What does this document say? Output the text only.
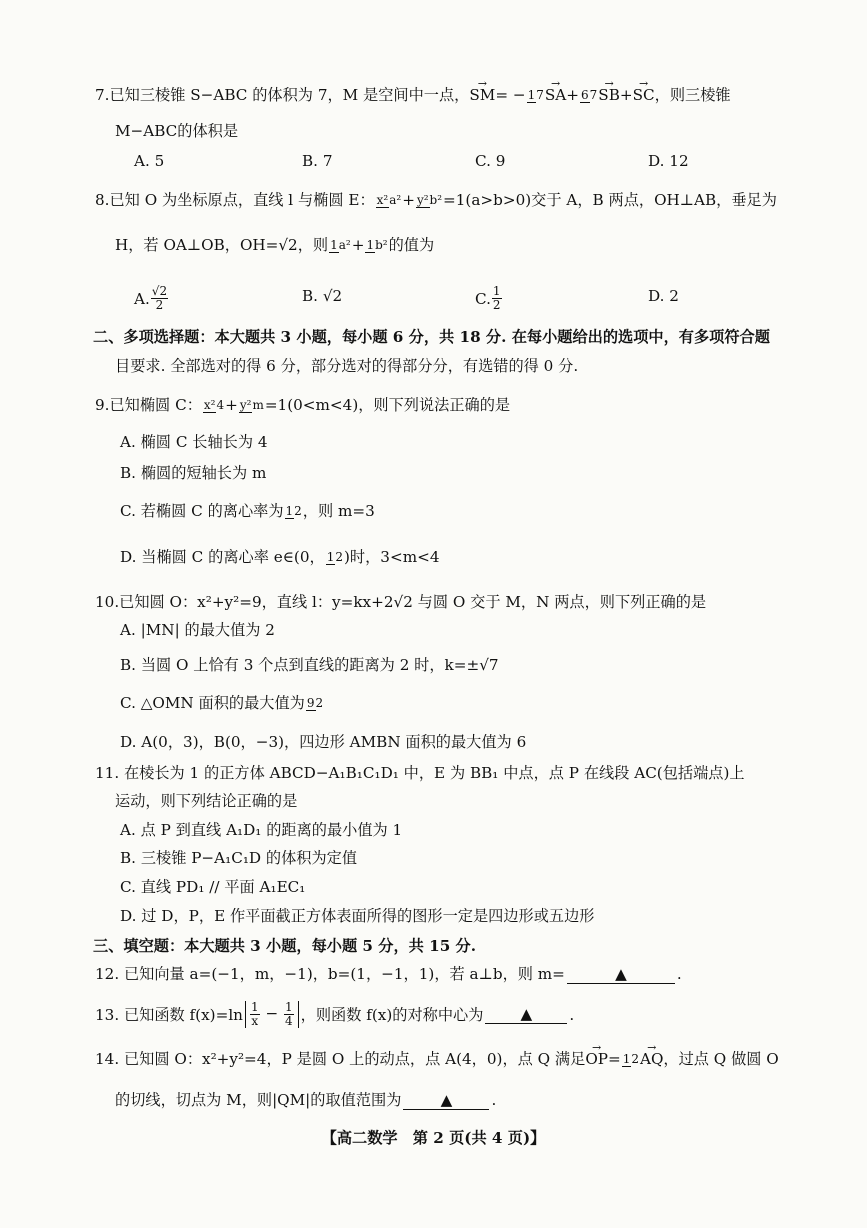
7.已知三棱锥 S−ABC 的体积为 7，M 是空间中一点， → SM = − 17 → SA + 67 → SB + → SC ，则三棱锥
M−ABC的体积是
A. 5	B. 7	C. 9	D. 12
8.已知 O 为坐标原点，直线 l 与椭圆 E： x²a² + y²b² =1(a>b>0)交于 A，B 两点，OH⊥AB，垂足为
H，若 OA⊥OB，OH=√2，则 1a² + 1b² 的值为
A. √2
2	B. √2	C. 1
2	D. 2
二、多项选择题：本大题共 3 小题，每小题 6 分，共 18 分. 在每小题给出的选项中，有多项符合题
目要求. 全部选对的得 6 分，部分选对的得部分分，有选错的得 0 分.
9.已知椭圆 C： x²4 + y²m =1(0<m<4)，则下列说法正确的是
A. 椭圆 C 长轴长为 4
B. 椭圆的短轴长为 m
C. 若椭圆 C 的离心率为 12 ，则 m=3
D. 当椭圆 C 的离心率 e∈(0， 12 )时，3<m<4
10.已知圆 O：x²+y²=9，直线 l：y=kx+2√2 与圆 O 交于 M，N 两点，则下列正确的是
A. |MN| 的最大值为 2
B. 当圆 O 上恰有 3 个点到直线的距离为 2 时，k=±√7
C. △OMN 面积的最大值为 92
D. A(0，3)，B(0，−3)，四边形 AMBN 面积的最大值为 6
11. 在棱长为 1 的正方体 ABCD−A₁B₁C₁D₁ 中，E 为 BB₁ 中点，点 P 在线段 AC(包括端点)上
运动，则下列结论正确的是
A. 点 P 到直线 A₁D₁ 的距离的最小值为 1
B. 三棱锥 P−A₁C₁D 的体积为定值
C. 直线 PD₁ // 平面 A₁EC₁
D. 过 D，P，E 作平面截正方体表面所得的图形一定是四边形或五边形
三、填空题：本大题共 3 小题，每小题 5 分，共 15 分.
12. 已知向量 a=(−1，m，−1)，b=(1，−1，1)，若 a⊥b，则 m=	▲	.
13. 已知函数 $f(x)=\ln \frac{1}{x} - \frac{1}{4}$ ，则函数 f(x)的对称中心为	▲	.
14. 已知圆 O：x²+y²=4，P 是圆 O 上的动点，点 A(4，0)，点 Q 满足 → OP = 12 → AQ ，过点 Q 做圆 O
的切线，切点为 M，则|QM|的取值范围为	▲	.
【高二数学　第 2 页(共 4 页)】
